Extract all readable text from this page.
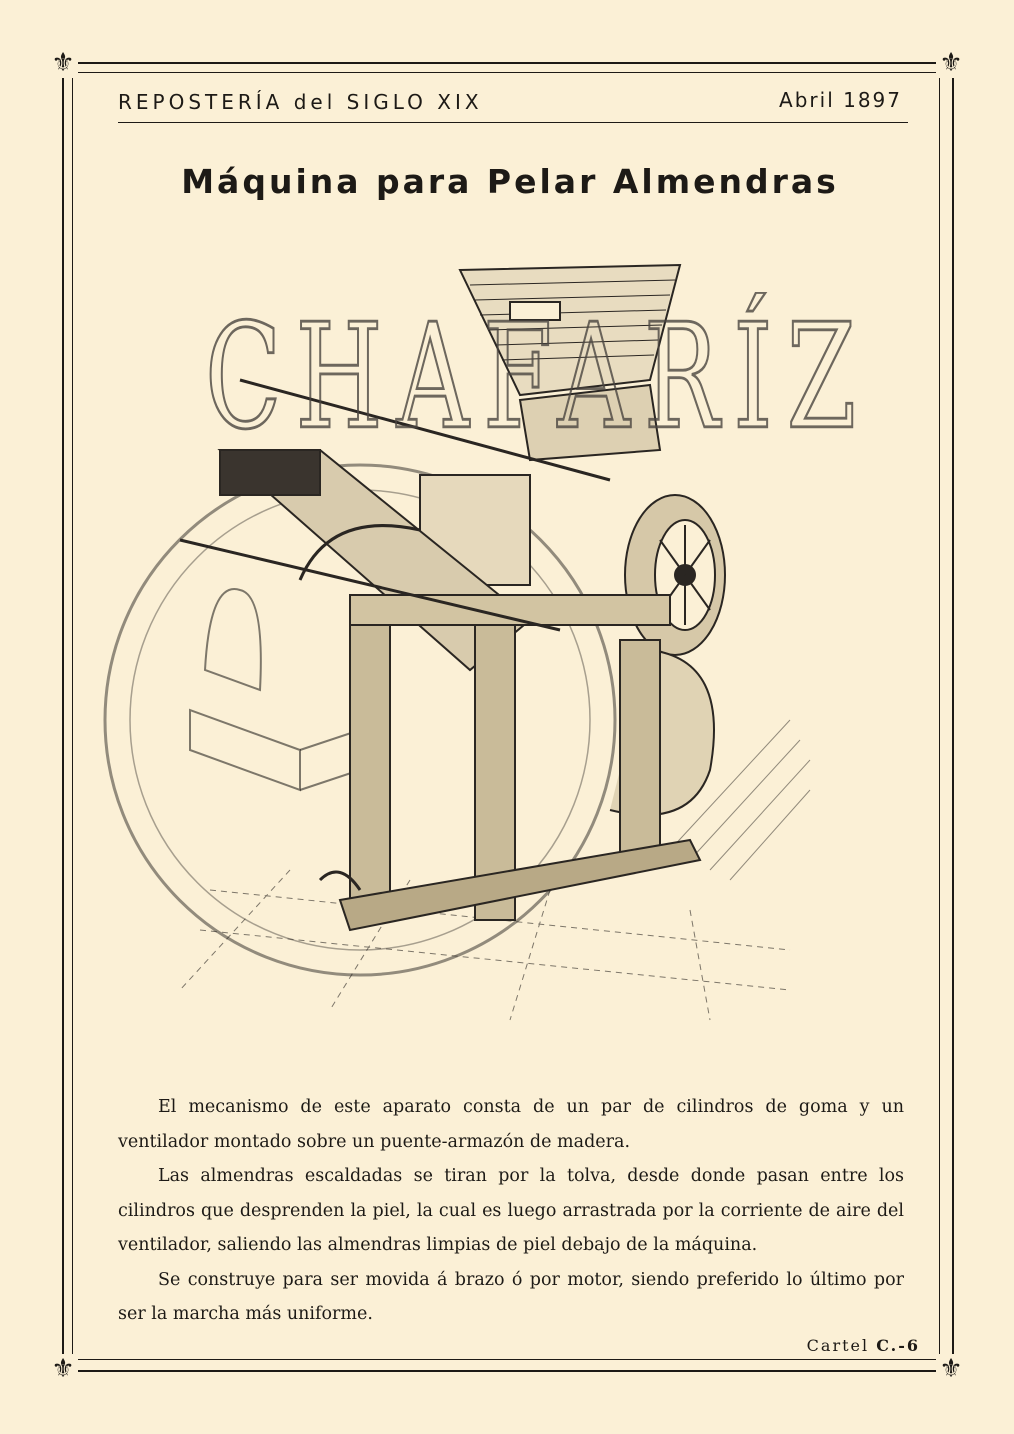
⚜	⚜
⚜	⚜
REPOSTERÍA del SIGLO XIX	Abril 1897
Máquina para Pelar Almendras
CHAFARÍZ

El mecanismo de este aparato consta de un par de cilindros de goma y un ventilador montado sobre un puente-armazón de madera.

Las almendras escaldadas se tiran por la tolva, desde donde pasan entre los cilindros que desprenden la piel, la cual es luego arrastrada por la corriente de aire del ventilador, saliendo las almendras limpias de piel debajo de la máquina.

Se construye para ser movida á brazo ó por motor, siendo preferido lo último por ser la marcha más uniforme.

Cartel C.-6
